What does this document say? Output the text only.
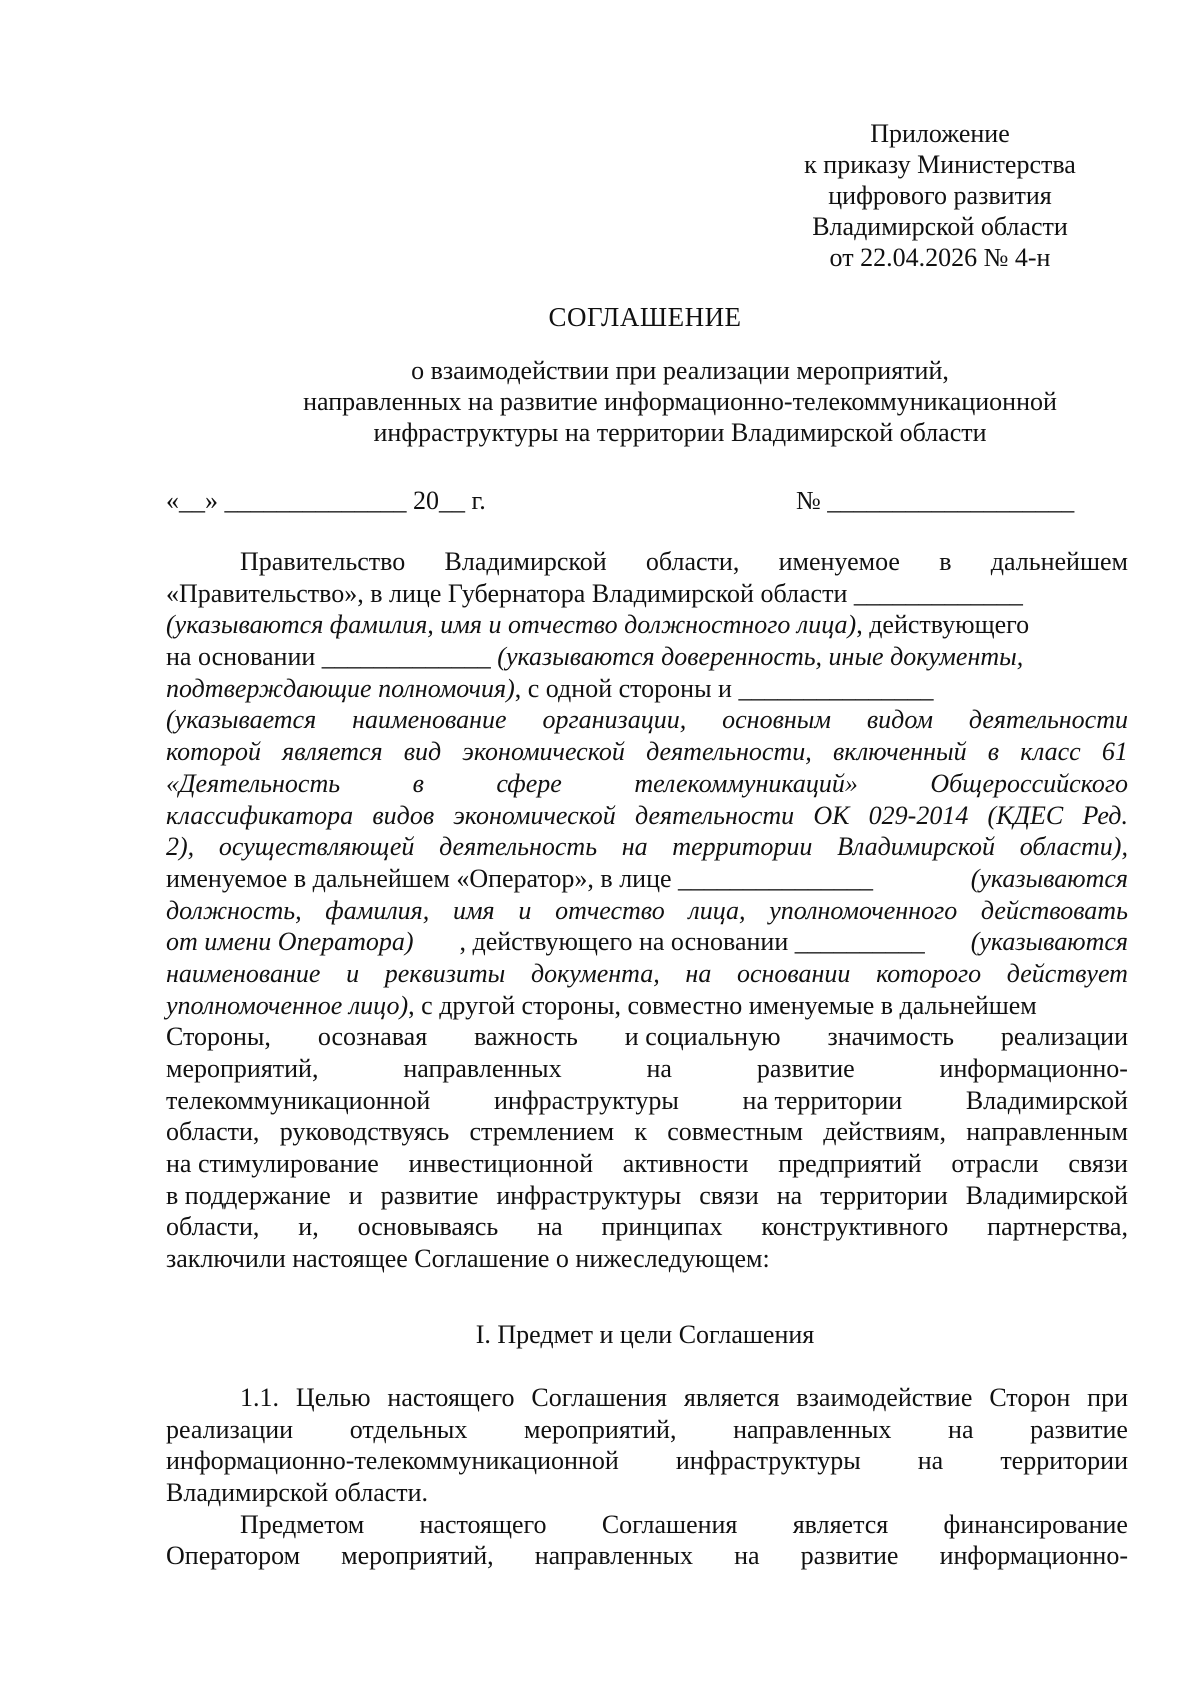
Приложение
к приказу Министерства
цифрового развития
Владимирской области
от 22.04.2026 № 4-н
СОГЛАШЕНИЕ
о взаимодействии при реализации мероприятий,
направленных на развитие информационно-телекоммуникационной
инфраструктуры на территории Владимирской области
«__» ______________ 20__ г.	№ ___________________
Правительство Владимирской области, именуемое в дальнейшем
«Правительство», в лице Губернатора Владимирской области _____________
(указываются фамилия, имя и отчество должностного лица) , действующего
на основании _____________ (указываются доверенность, иные документы,
подтверждающие полномочия) , с одной стороны и _______________
(указывается наименование организации, основным видом деятельности
которой является вид экономической деятельности, включенный в класс 61
«Деятельность	в	сфере	телекоммуникаций»	Общероссийского
классификатора видов экономической деятельности ОК 029-2014 (КДЕС Ред.
2), осуществляющей деятельность на территории Владимирской области),
именуемое в дальнейшем «Оператор», в лице _______________	(указываются
должность, фамилия, имя и отчество лица, уполномоченного действовать
от имени Оператора) , действующего на основании __________ (указываются
наименование и реквизиты документа, на основании которого действует
уполномоченное лицо) , с другой стороны, совместно именуемые в дальнейшем
Стороны, осознавая важность и социальную значимость реализации
мероприятий,	направленных	на	развитие	информационно-
телекоммуникационной инфраструктуры на территории Владимирской
области, руководствуясь стремлением к совместным действиям, направленным
на стимулирование инвестиционной активности предприятий отрасли связи
в поддержание и развитие инфраструктуры связи на территории Владимирской
области, и, основываясь на принципах конструктивного партнерства,
заключили настоящее Соглашение о нижеследующем:
I. Предмет и цели Соглашения
1.1. Целью настоящего Соглашения является взаимодействие Сторон при
реализации отдельных мероприятий, направленных на развитие
информационно-телекоммуникационной инфраструктуры на территории
Владимирской области.
Предметом настоящего Соглашения является финансирование
Оператором мероприятий, направленных на развитие информационно-
